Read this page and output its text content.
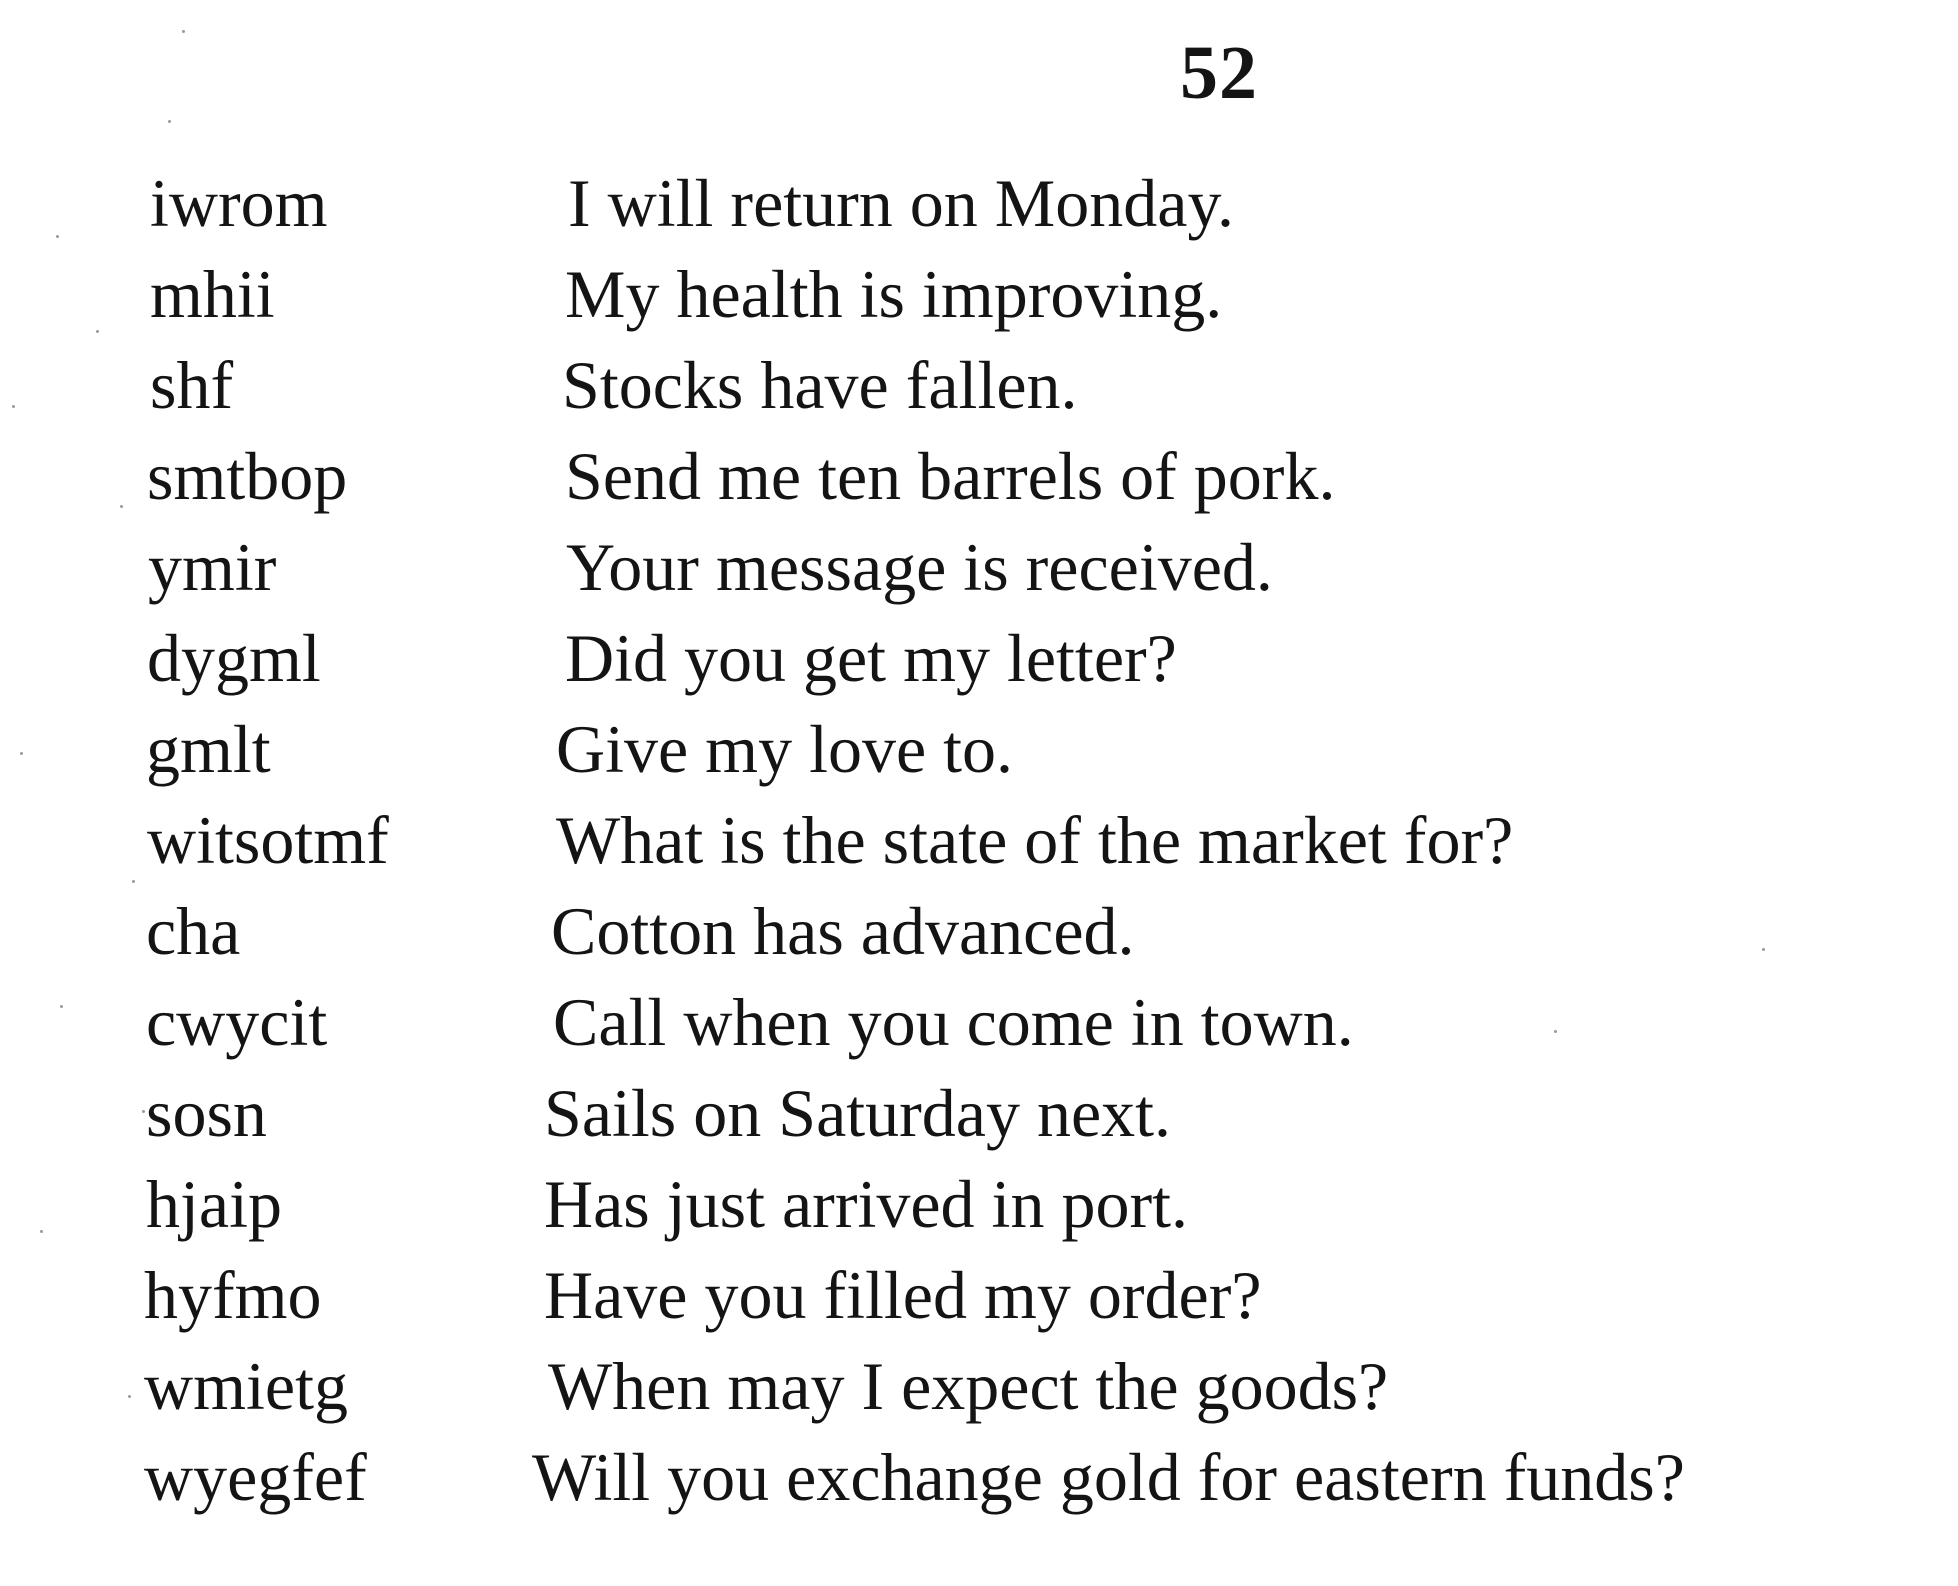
52
iwrom	I will return on Monday.
mhii	My health is improving.
shf	Stocks have fallen.
smtbop	Send me ten barrels of pork.
ymir	Your message is received.
dygml	Did you get my letter?
gmlt	Give my love to.
witsotmf What is the state of the market for?
cha	Cotton has advanced.
cwycit	Call when you come in town.
sosn	Sails on Saturday next.
hjaip	Has just arrived in port.
hyfmo	Have you filled my order?
wmietg	When may I expect the goods?
wyegfef Will you exchange gold for eastern funds?
